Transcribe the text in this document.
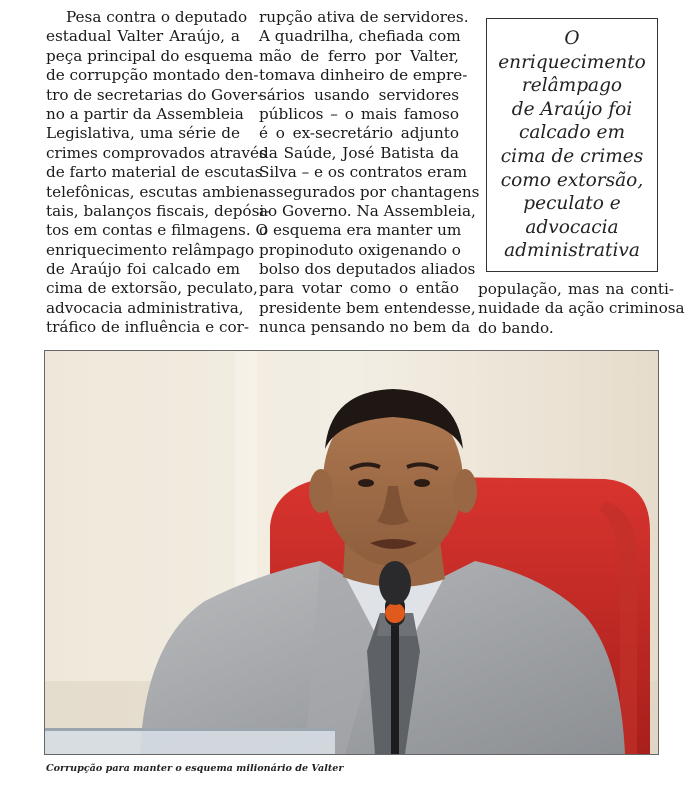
Pesa contra o deputado
estadual Valter Araújo, a
peça principal do esquema
de corrupção montado den-
tro de secretarias do Gover-
no a partir da Assembleia
Legislativa, uma série de
crimes comprovados através
de farto material de escutas
telefônicas, escutas ambien-
tais, balanços fiscais, depósi-
tos em contas e filmagens. O
enriquecimento relâmpago
de Araújo foi calcado em
cima de extorsão, peculato,
advocacia administrativa,
tráfico de influência e cor-
rupção ativa de servidores.
A quadrilha, chefiada com
mão de ferro por Valter,
tomava dinheiro de empre-
sários usando servidores
públicos – o mais famoso
é o ex-secretário adjunto
da Saúde, José Batista da
Silva – e os contratos eram
assegurados por chantagens
ao Governo. Na Assembleia,
o esquema era manter um
propinoduto oxigenando o
bolso dos deputados aliados
para votar como o então
presidente bem entendesse,
nunca pensando no bem da
população, mas na conti-
nuidade da ação criminosa
do bando.
O
enriquecimento
relâmpago
de Araújo foi
calcado em
cima de crimes
como extorsão,
peculato e
advocacia
administrativa
Corrupção para manter o esquema milionário de Valter
